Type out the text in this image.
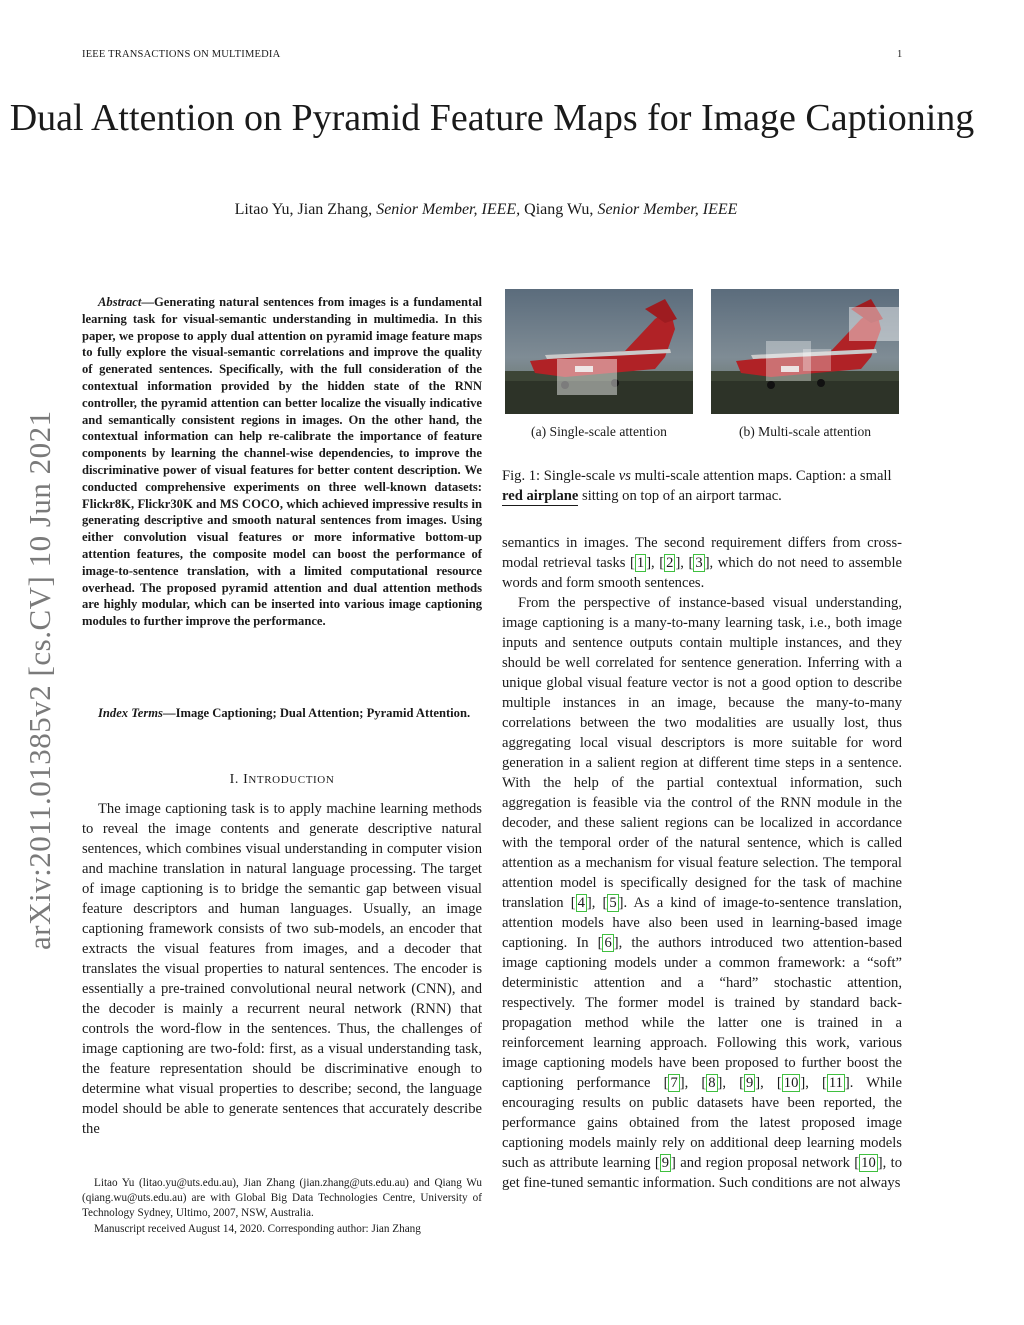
IEEE TRANSACTIONS ON MULTIMEDIA	1
Dual Attention on Pyramid Feature Maps for Image Captioning
Litao Yu, Jian Zhang, Senior Member, IEEE, Qiang Wu, Senior Member, IEEE
arXiv:2011.01385v2 [cs.CV] 10 Jun 2021

Abstract—Generating natural sentences from images is a fundamental learning task for visual-semantic understanding in multimedia. In this paper, we propose to apply dual attention on pyramid image feature maps to fully explore the visual-semantic correlations and improve the quality of generated sentences. Specifically, with the full consideration of the contextual information provided by the hidden state of the RNN controller, the pyramid attention can better localize the visually indicative and semantically consistent regions in images. On the other hand, the contextual information can help re-calibrate the importance of feature components by learning the channel-wise dependencies, to improve the discriminative power of visual features for better content description. We conducted comprehensive experiments on three well-known datasets: Flickr8K, Flickr30K and MS COCO, which achieved impressive results in generating descriptive and smooth natural sentences from images. Using either convolution visual features or more informative bottom-up attention features, the composite model can boost the performance of image-to-sentence translation, with a limited computational resource overhead. The proposed pyramid attention and dual attention methods are highly modular, which can be inserted into various image captioning modules to further improve the performance.

Index Terms—Image Captioning; Dual Attention; Pyramid Attention.

I. INTRODUCTION

The image captioning task is to apply machine learning methods to reveal the image contents and generate descriptive natural sentences, which combines visual understanding in computer vision and machine translation in natural language processing. The target of image captioning is to bridge the semantic gap between visual feature descriptors and human languages. Usually, an image captioning framework consists of two sub-models, an encoder that extracts the visual features from images, and a decoder that translates the visual properties to natural sentences. The encoder is essentially a pre-trained convolutional neural network (CNN), and the decoder is mainly a recurrent neural network (RNN) that controls the word-flow in the sentences. Thus, the challenges of image captioning are two-fold: first, as a visual understanding task, the feature representation should be discriminative enough to determine what visual properties to describe; second, the language model should be able to generate sentences that accurately describe the

Litao Yu (litao.yu@uts.edu.au), Jian Zhang (jian.zhang@uts.edu.au) and Qiang Wu (qiang.wu@uts.edu.au) are with Global Big Data Technologies Centre, University of Technology Sydney, Ultimo, 2007, NSW, Australia.

Manuscript received August 14, 2020. Corresponding author: Jian Zhang

(a) Single-scale attention	(b) Multi-scale attention

Fig. 1: Single-scale vs multi-scale attention maps. Caption: a small red airplane sitting on top of an airport tarmac.

semantics in images. The second requirement differs from cross-modal retrieval tasks [ 1 ], [ 2 ], [ 3 ], which do not need to assemble words and form smooth sentences.

From the perspective of instance-based visual understanding, image captioning is a many-to-many learning task, i.e., both image inputs and sentence outputs contain multiple instances, and they should be well correlated for sentence generation. Inferring with a unique global visual feature vector is not a good option to describe multiple instances in an image, because the many-to-many correlations between the two modalities are usually lost, thus aggregating local visual descriptors is more suitable for word generation in a salient region at different time steps in a sentence. With the help of the partial contextual information, such aggregation is feasible via the control of the RNN module in the decoder, and these salient regions can be localized in accordance with the temporal order of the natural sentence, which is called attention as a mechanism for visual feature selection. The temporal attention model is specifically designed for the task of machine translation [ 4 ], [ 5 ]. As a kind of image-to-sentence translation, attention models have also been used in learning-based image captioning. In [ 6 ], the authors introduced two attention-based image captioning models under a common framework: a “soft” deterministic attention and a “hard” stochastic attention, respectively. The former model is trained by standard back-propagation method while the latter one is trained in a reinforcement learning approach. Following this work, various image captioning models have been proposed to further boost the captioning performance [ 7 ], [ 8 ], [ 9 ], [ 10 ], [ 11 ]. While encouraging results on public datasets have been reported, the performance gains obtained from the latest proposed image captioning models mainly rely on additional deep learning models such as attribute learning [ 9 ] and region proposal network [ 10 ], to get fine-tuned semantic information. Such conditions are not always
